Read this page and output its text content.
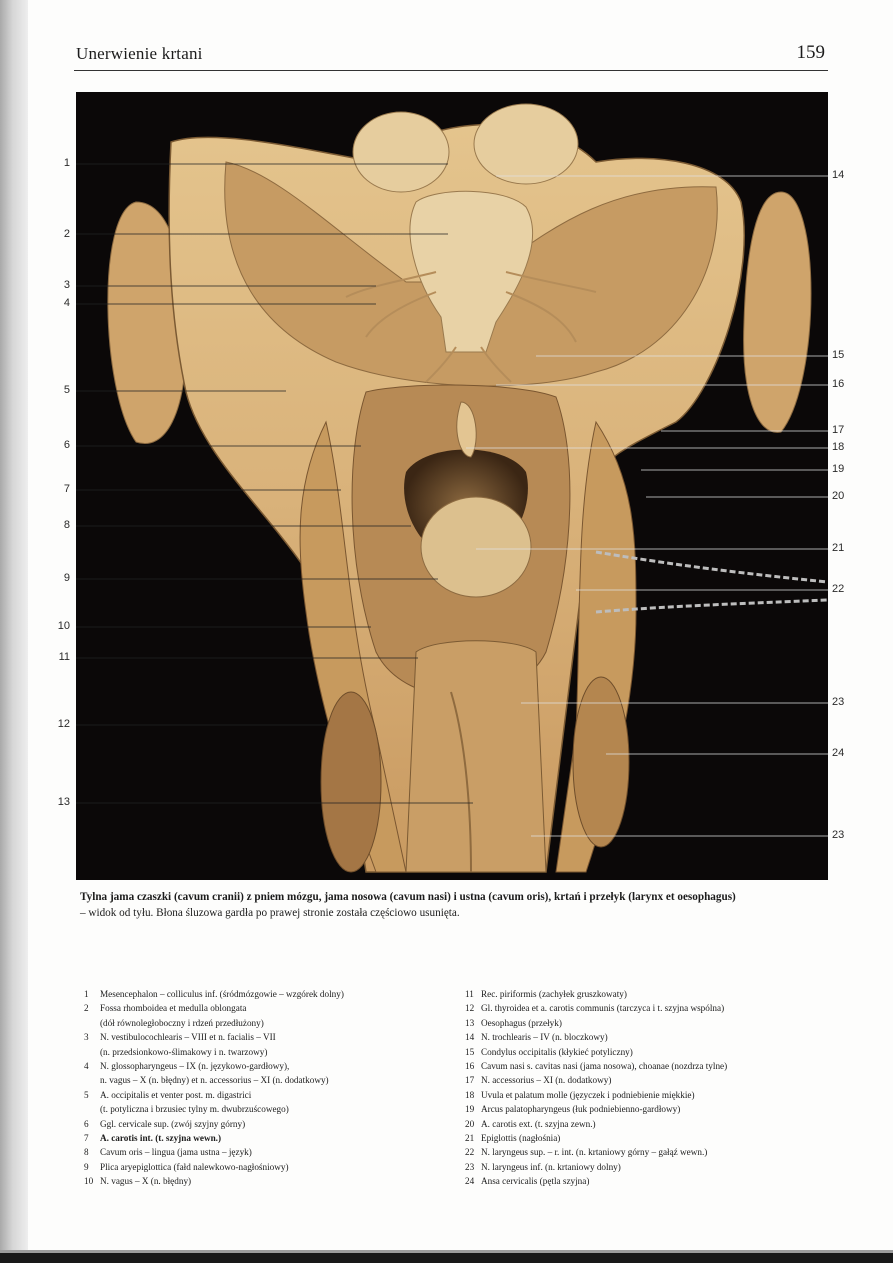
Unerwienie krtani	159
1
2
3
4
5
6
7
8
9
10
11
12
13
14
15
16
17
18
19
20
21
22
23
24
23
Tylna jama czaszki (cavum cranii) z pniem mózgu, jama nosowa (cavum nasi) i ustna (cavum oris), krtań i przełyk (larynx et oesophagus)
– widok od tyłu. Błona śluzowa gardła po prawej stronie została częściowo usunięta.
1	Mesencephalon – colliculus inf. (śródmózgowie – wzgórek dolny)
2	Fossa rhomboidea et medulla oblongata
(dół równoległoboczny i rdzeń przedłużony)
3	N. vestibulocochlearis – VIII et n. facialis – VII
(n. przedsionkowo-ślimakowy i n. twarzowy)
4	N. glossopharyngeus – IX (n. językowo-gardłowy),
n. vagus – X (n. błędny) et n. accessorius – XI (n. dodatkowy)
5	A. occipitalis et venter post. m. digastrici
(t. potyliczna i brzusiec tylny m. dwubrzuścowego)
6	Ggl. cervicale sup. (zwój szyjny górny)
7	A. carotis int. (t. szyjna wewn.)
8	Cavum oris – lingua (jama ustna – język)
9	Plica aryepiglottica (fałd nalewkowo-nagłośniowy)
10 N. vagus – X (n. błędny)
11 Rec. piriformis (zachyłek gruszkowaty)
12 Gl. thyroidea et a. carotis communis (tarczyca i t. szyjna wspólna)
13 Oesophagus (przełyk)
14 N. trochlearis – IV (n. bloczkowy)
15 Condylus occipitalis (kłykieć potyliczny)
16 Cavum nasi s. cavitas nasi (jama nosowa), choanae (nozdrza tylne)
17 N. accessorius – XI (n. dodatkowy)
18 Uvula et palatum molle (języczek i podniebienie miękkie)
19 Arcus palatopharyngeus (łuk podniebienno-gardłowy)
20 A. carotis ext. (t. szyjna zewn.)
21 Epiglottis (nagłośnia)
22 N. laryngeus sup. – r. int. (n. krtaniowy górny – gałąź wewn.)
23 N. laryngeus inf. (n. krtaniowy dolny)
24 Ansa cervicalis (pętla szyjna)
